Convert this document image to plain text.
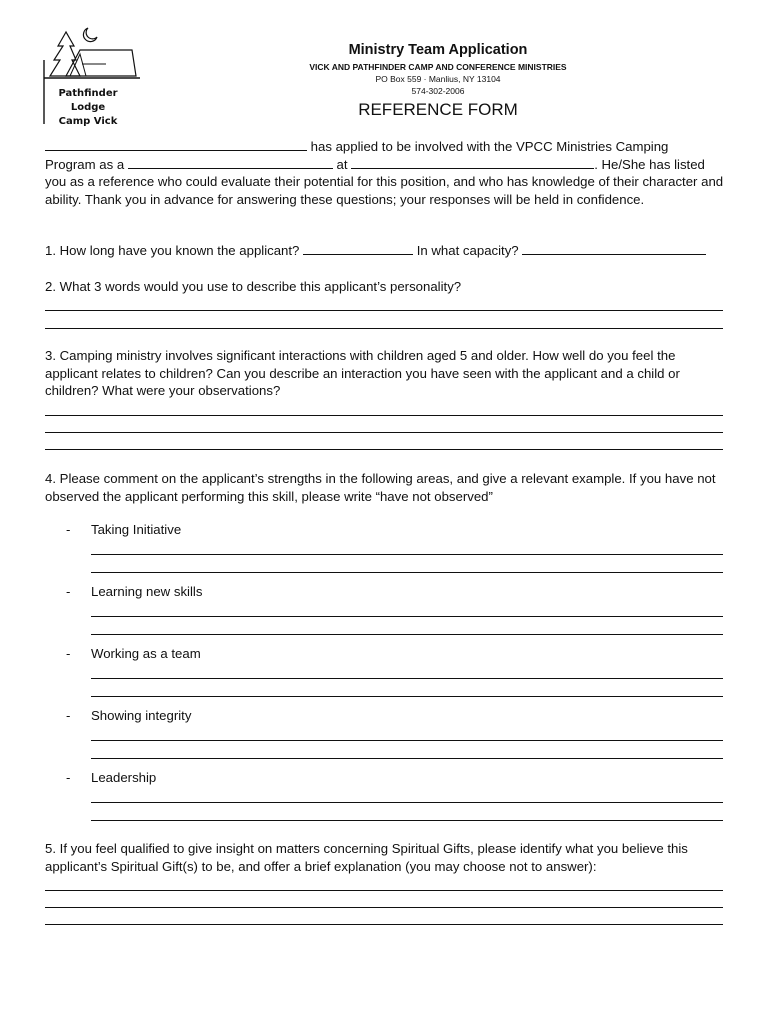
Pathfinder Lodge
Camp Vick
Ministry Team Application
VICK AND PATHFINDER CAMP AND CONFERENCE MINISTRIES
PO Box 559 · Manlius, NY 13104
574-302-2006
REFERENCE FORM
has applied to be involved with the VPCC Ministries Camping
Program as a	at	. He/She has listed
you as a reference who could evaluate their potential for this position, and who has knowledge of their character and ability. Thank you in advance for answering these questions; your responses will be held in confidence.
1. How long have you known the applicant?	In what capacity?
2. What 3 words would you use to describe this applicant’s personality?
3. Camping ministry involves significant interactions with children aged 5 and older. How well do you feel the applicant relates to children? Can you describe an interaction you have seen with the applicant and a child or children? What were your observations?
4. Please comment on the applicant’s strengths in the following areas, and give a relevant example. If you have not observed the applicant performing this skill, please write “have not observed”
- Taking Initiative
- Learning new skills
- Working as a team
- Showing integrity
- Leadership
5. If you feel qualified to give insight on matters concerning Spiritual Gifts, please identify what you believe this applicant’s Spiritual Gift(s) to be, and offer a brief explanation (you may choose not to answer):
